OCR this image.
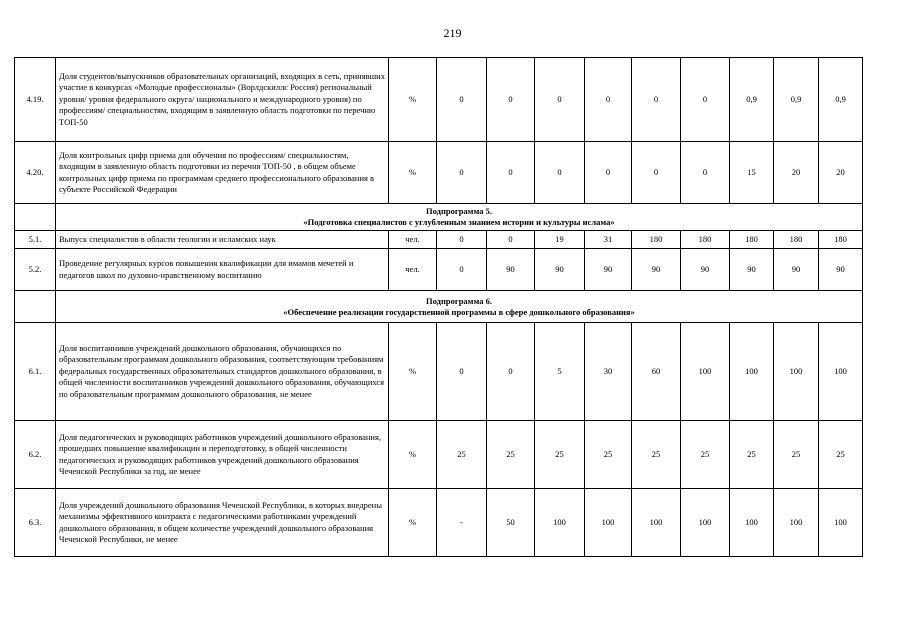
219
4.19.	Доля студентов/выпускников образовательных организаций, входящих в сеть, принявших участие в конкурсах «Молодые профессионалы» (Ворлдскиллс Россия) региональный уровня/ уровня федерального округа/ национального и международного уровня) по профессиям/ специальностям, входящим в заявленную область подготовки по перечню ТОП-50	%	0	0	0	0	0	0	0,9	0,9	0,9
4.20.	Доля контрольных цифр приема для обучения по профессиям/ специальностям, входящим в заявленную область подготовки из перечня ТОП-50 , в общем объеме контрольных цифр приема по программам среднего профессионального образования в субъекте Российской Федерации	%	0	0	0	0	0	0	15	20	20

	Подпрограмма 5.
«Подготовка специалистов с углубленным знанием истории и культуры ислама»										

5.1.	Выпуск специалистов в области теологии и исламских наук	чел.	0	0	19	31	180	180	180	180	180
5.2.	Проведение регулярных курсов повышения квалификации для имамов мечетей и педагогов школ по духовно-нравственному воспитанию	чел.	0	90	90	90	90	90	90	90	90

	Подпрограмма 6.
«Обеспечение реализации государственной программы в сфере дошкольного образования»										

6.1.	Доля воспитанников учреждений дошкольного образования, обучающихся по образовательным программам дошкольного образования, соответствующим требованиям федеральных государственных образовательных стандартов дошкольного образования, в общей численности воспитанников учреждений дошкольного образования, обучающихся по образовательным программам дошкольного образования, не менее	%	0	0	5	30	60	100	100	100	100
6.2.	Доля педагогических и руководящих работников учреждений дошкольного образования, прошедших повышение квалификации и переподготовку, в общей численности педагогических и руководящих работников учреждений дошкольного образования Чеченской Республики за год, не менее	%	25	25	25	25	25	25	25	25	25
6.3.	Доля учреждений дошкольного образования Чеченской Республики, в которых внедрены механизмы эффективного контракта с педагогическими работниками учреждений дошкольного образования, в общем количестве учреждений дошкольного образования Чеченской Республики, не менее	%	-	50	100	100	100	100	100	100	100
